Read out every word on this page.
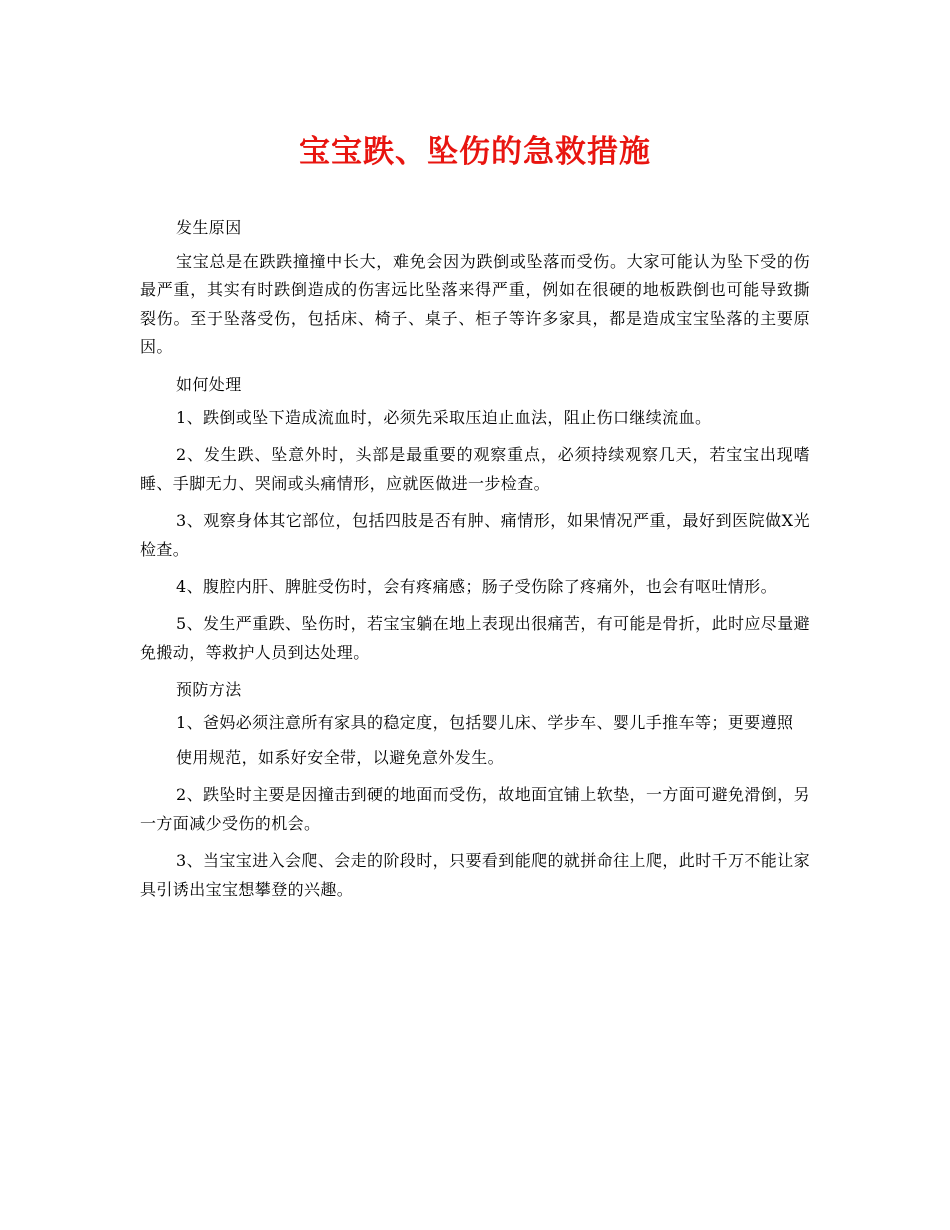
宝宝跌、坠伤的急救措施

发生原因

宝宝总是在跌跌撞撞中长大，难免会因为跌倒或坠落而受伤。大家可能认为坠下受的伤最严重，其实有时跌倒造成的伤害远比坠落来得严重，例如在很硬的地板跌倒也可能导致撕裂伤。至于坠落受伤，包括床、椅子、桌子、柜子等许多家具，都是造成宝宝坠落的主要原因。

如何处理

1、跌倒或坠下造成流血时，必须先采取压迫止血法，阻止伤口继续流血。

2、发生跌、坠意外时，头部是最重要的观察重点，必须持续观察几天，若宝宝出现嗜睡、手脚无力、哭闹或头痛情形，应就医做进一步检查。

3、观察身体其它部位，包括四肢是否有肿、痛情形，如果情况严重，最好到医院做X光检查。

4、腹腔内肝、脾脏受伤时，会有疼痛感；肠子受伤除了疼痛外，也会有呕吐情形。

5、发生严重跌、坠伤时，若宝宝躺在地上表现出很痛苦，有可能是骨折，此时应尽量避免搬动，等救护人员到达处理。

预防方法

1、爸妈必须注意所有家具的稳定度，包括婴儿床、学步车、婴儿手推车等；更要遵照

使用规范，如系好安全带，以避免意外发生。

2、跌坠时主要是因撞击到硬的地面而受伤，故地面宜铺上软垫，一方面可避免滑倒，另一方面减少受伤的机会。

3、当宝宝进入会爬、会走的阶段时，只要看到能爬的就拼命往上爬，此时千万不能让家具引诱出宝宝想攀登的兴趣。
